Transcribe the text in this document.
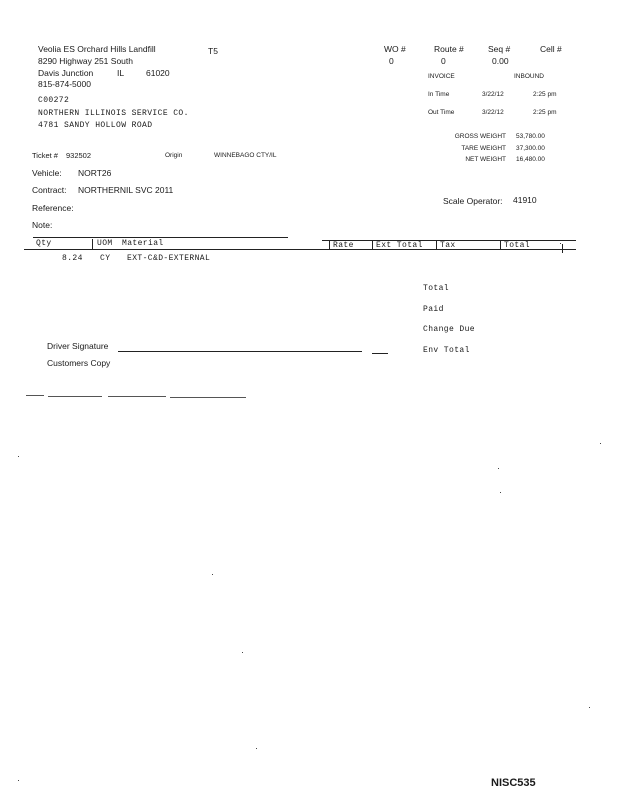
Veolia ES Orchard Hills Landfill
8290 Highway 251 South
Davis Junction	IL	61020
815-874-5000
T5
C00272
NORTHERN ILLINOIS SERVICE CO.
4781 SANDY HOLLOW ROAD
WO #	Route #	Seq #	Cell #
0	0	0.00
INVOICE	INBOUND
In Time	3/22/12	2:25 pm
Out Time	3/22/12	2:25 pm
GROSS WEIGHT 53,780.00
TARE WEIGHT 37,300.00
NET WEIGHT 16,480.00
Ticket # 932502	Origin	WINNEBAGO CTY/IL
Vehicle: NORT26
Contract: NORTHERNIL SVC 2011
Reference:
Note:
Scale Operator: 41910
Qty	UOM Material	Rate	Ext Total Tax	Total
8.24 CY EXT-C&D-EXTERNAL
Total
Paid
Change Due
Env Total
Driver Signature
Customers Copy
NISC535
